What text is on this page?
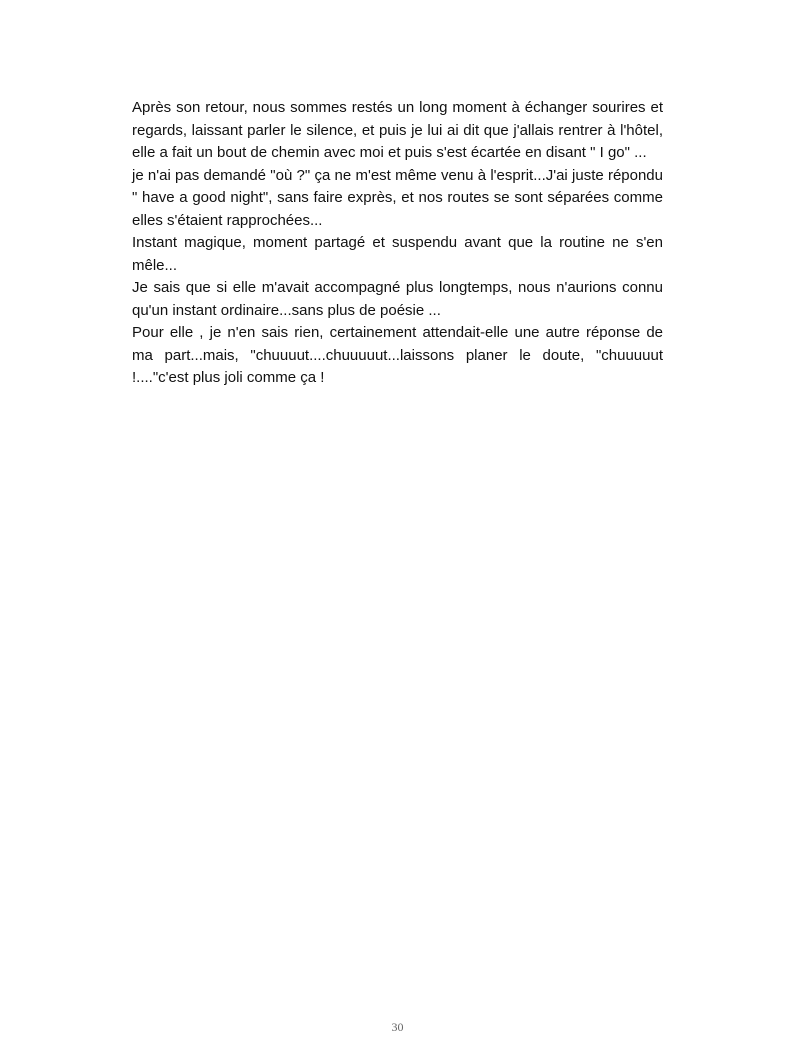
Après son retour, nous sommes restés un long moment à échanger sourires et regards, laissant parler le silence, et puis je lui ai dit que j'allais rentrer à l'hôtel, elle a fait un bout de chemin avec moi et puis s'est écartée en disant " I go" ...

je n'ai pas demandé "où ?" ça ne m'est même venu à l'esprit...J'ai juste répondu " have a good night", sans faire exprès, et nos routes se sont séparées comme elles s'étaient rapprochées...

Instant magique, moment partagé et suspendu avant que la routine ne s'en mêle...

Je sais que si elle m'avait accompagné plus longtemps, nous n'aurions connu qu'un instant ordinaire...sans plus de poésie ...

Pour elle , je n'en sais rien, certainement attendait-elle une autre réponse de ma part...mais, "chuuuut....chuuuuut...laissons planer le doute, "chuuuuut !...."c'est plus joli comme ça !

30
